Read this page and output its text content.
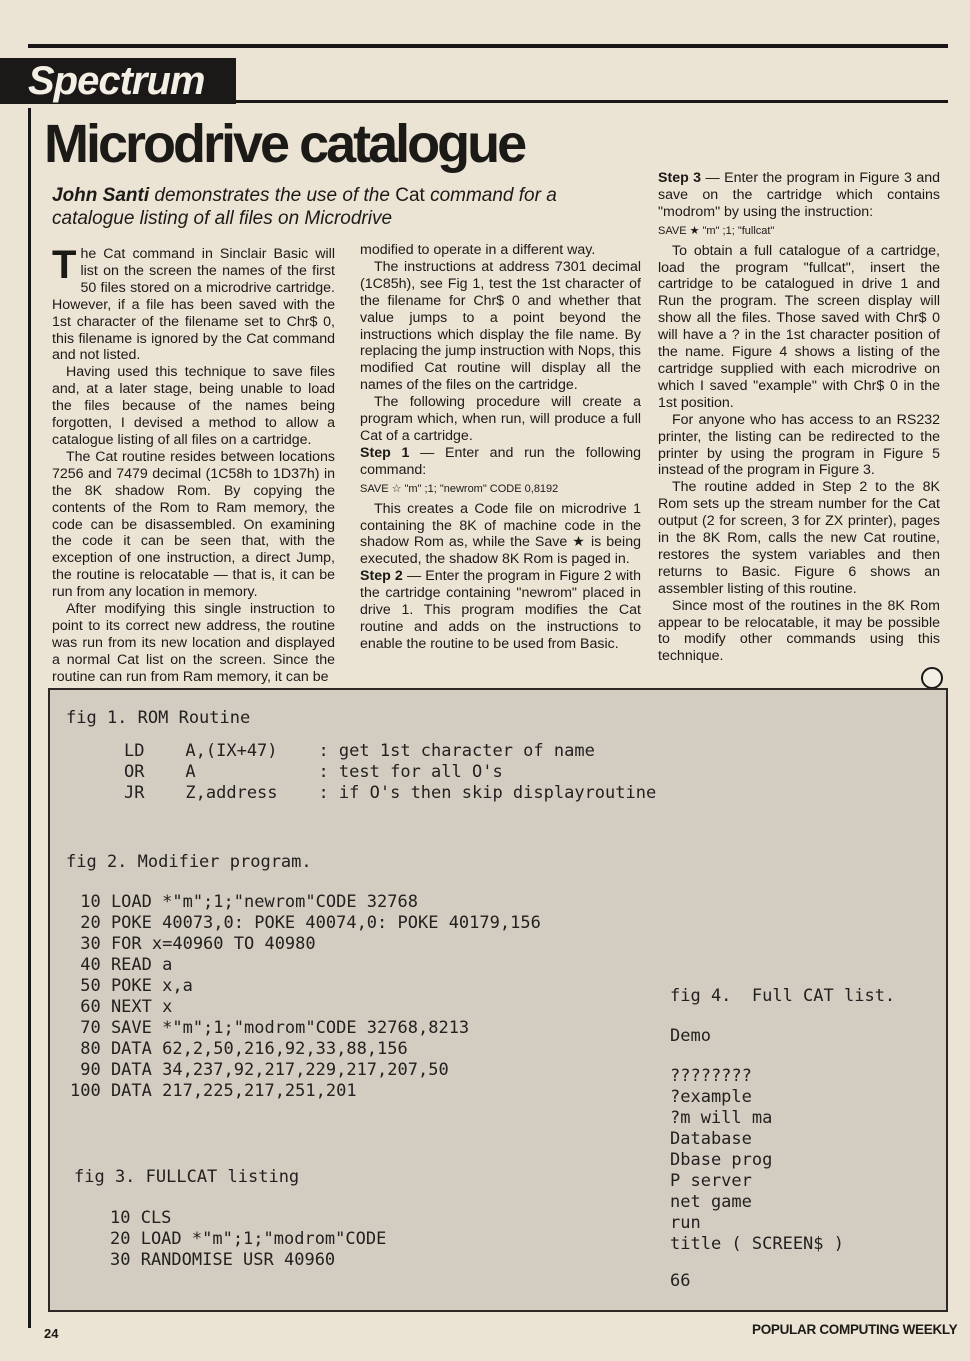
Spectrum
Microdrive catalogue
John Santi demonstrates the use of the Cat command for a catalogue listing of all files on Microdrive

The Cat command in Sinclair Basic will list on the screen the names of the first 50 files stored on a microdrive cartridge. However, if a file has been saved with the 1st character of the filename set to Chr$ 0, this filename is ignored by the Cat command and not listed.

Having used this technique to save files and, at a later stage, being unable to load the files because of the names being forgotten, I devised a method to allow a catalogue listing of all files on a cartridge.

The Cat routine resides between locations 7256 and 7479 decimal (1C58h to 1D37h) in the 8K shadow Rom. By copying the contents of the Rom to Ram memory, the code can be disassembled. On examining the code it can be seen that, with the exception of one instruction, a direct Jump, the routine is relocatable — that is, it can be run from any location in memory.

After modifying this single instruction to point to its correct new address, the routine was run from its new location and displayed a normal Cat list on the screen. Since the routine can run from Ram memory, it can be

modified to operate in a different way.

The instructions at address 7301 decimal (1C85h), see Fig 1, test the 1st character of the filename for Chr$ 0 and whether that value jumps to a point beyond the instructions which display the file name. By replacing the jump instruction with Nops, this modified Cat routine will display all the names of the files on the cartridge.

The following procedure will create a program which, when run, will produce a full Cat of a cartridge.

Step 1 — Enter and run the following command:

SAVE ☆ "m" ;1; "newrom" CODE 0,8192

This creates a Code file on microdrive 1 containing the 8K of machine code in the shadow Rom as, while the Save ★ is being executed, the shadow 8K Rom is paged in.

Step 2 — Enter the program in Figure 2 with the cartridge containing "newrom" placed in drive 1. This program modifies the Cat routine and adds on the instructions to enable the routine to be used from Basic.

Step 3 — Enter the program in Figure 3 and save on the cartridge which contains "modrom" by using the instruction:

SAVE ★ "m" ;1; "fullcat"

To obtain a full catalogue of a cartridge, load the program "fullcat", insert the cartridge to be catalogued in drive 1 and Run the program. The screen display will show all the files. Those saved with Chr$ 0 will have a ? in the 1st character position of the name. Figure 4 shows a listing of the cartridge supplied with each microdrive on which I saved "example" with Chr$ 0 in the 1st position.

For anyone who has access to an RS232 printer, the listing can be redirected to the printer by using the program in Figure 5 instead of the program in Figure 3.

The routine added in Step 2 to the 8K Rom sets up the stream number for the Cat output (2 for screen, 3 for ZX printer), pages in the 8K Rom, calls the new Cat routine, restores the system variables and then returns to Basic. Figure 6 shows an assembler listing of this routine.

Since most of the routines in the 8K Rom appear to be relocatable, it may be possible to modify other commands using this technique.

fig 1. ROM Routine
LD    A,(IX+47)    : get 1st character of name
OR    A            : test for all O's
JR    Z,address    : if O's then skip displayroutine
fig 2. Modifier program.
10 LOAD *"m";1;"newrom"CODE 32768
20 POKE 40073,0: POKE 40074,0: POKE 40179,156
30 FOR x=40960 TO 40980
40 READ a
50 POKE x,a
60 NEXT x
70 SAVE *"m";1;"modrom"CODE 32768,8213
80 DATA 62,2,50,216,92,33,88,156
90 DATA 34,237,92,217,229,217,207,50
100 DATA 217,225,217,251,201
fig 3. FULLCAT listing
10 CLS
20 LOAD *"m";1;"modrom"CODE
30 RANDOMISE USR 40960
fig 4.  Full CAT list.
Demo
????????
?example
?m will ma
Database
Dbase prog
P server
net game
run
title ( SCREEN$ )
66
24	POPULAR COMPUTING WEEKLY
